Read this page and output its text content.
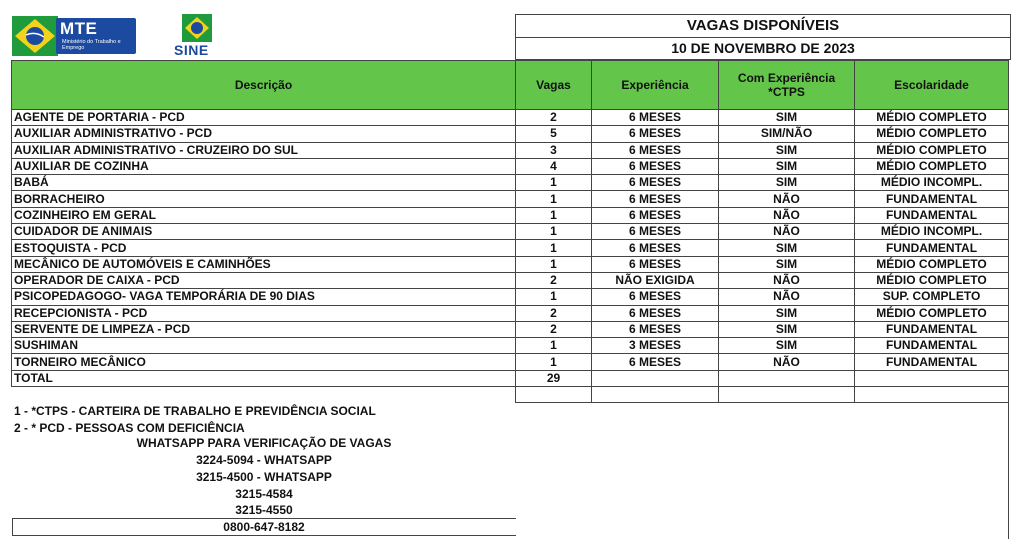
MTE
Ministério do Trabalho e Emprego	SINE
VAGAS DISPONÍVEIS
10 DE NOVEMBRO DE 2023
Descrição	Vagas	Experiência	Com Experiência *CTPS	Escolaridade
AGENTE DE PORTARIA - PCD	2	6 MESES	SIM	MÉDIO COMPLETO
AUXILIAR ADMINISTRATIVO - PCD	5	6 MESES	SIM/NÃO	MÉDIO COMPLETO
AUXILIAR ADMINISTRATIVO - CRUZEIRO DO SUL	3	6 MESES	SIM	MÉDIO COMPLETO
AUXILIAR DE COZINHA	4	6 MESES	SIM	MÉDIO COMPLETO
BABÁ	1	6 MESES	SIM	MÉDIO INCOMPL.
BORRACHEIRO	1	6 MESES	NÃO	FUNDAMENTAL
COZINHEIRO EM GERAL	1	6 MESES	NÃO	FUNDAMENTAL
CUIDADOR DE ANIMAIS	1	6 MESES	NÃO	MÉDIO INCOMPL.
ESTOQUISTA - PCD	1	6 MESES	SIM	FUNDAMENTAL
MECÂNICO DE AUTOMÓVEIS E CAMINHÕES	1	6 MESES	SIM	MÉDIO COMPLETO
OPERADOR DE CAIXA - PCD	2	NÃO EXIGIDA	NÃO	MÉDIO COMPLETO
PSICOPEDAGOGO- VAGA TEMPORÁRIA DE 90 DIAS	1	6 MESES	NÃO	SUP. COMPLETO
RECEPCIONISTA - PCD	2	6 MESES	SIM	MÉDIO COMPLETO
SERVENTE DE LIMPEZA - PCD	2	6 MESES	SIM	FUNDAMENTAL
SUSHIMAN	1	3 MESES	SIM	FUNDAMENTAL
TORNEIRO MECÂNICO	1	6 MESES	NÃO	FUNDAMENTAL
TOTAL	29			

1 - *CTPS - CARTEIRA DE TRABALHO E PREVIDÊNCIA SOCIAL
2 - * PCD - PESSOAS COM DEFICIÊNCIA
WHATSAPP PARA VERIFICAÇÃO DE VAGAS
3224-5094 - WHATSAPP
3215-4500 - WHATSAPP
3215-4584
3215-4550
0800-647-8182
